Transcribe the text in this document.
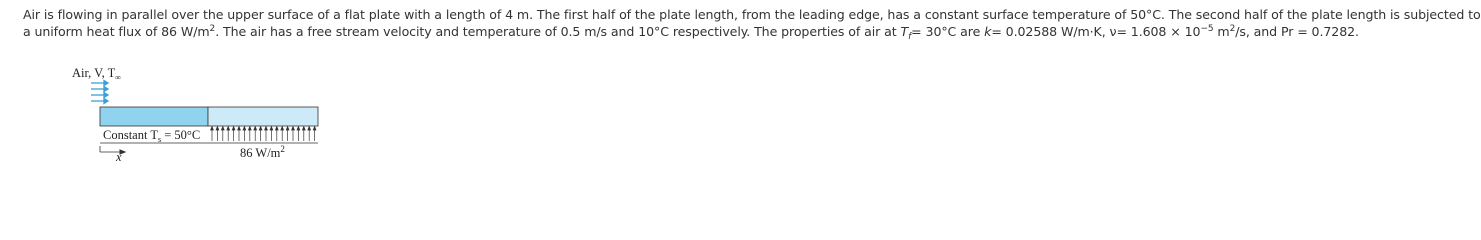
Air is flowing in parallel over the upper surface of a flat plate with a length of 4 m. The first half of the plate length, from the leading edge, has a constant surface temperature of 50°C. The second half of the plate length is subjected to
a uniform heat flux of 86 $W/m^2$. The air has a free stream velocity and temperature of 0.5 m/s and 10°C respectively. The properties of air at $T_f= 30^\circ C$ are k= 0.02588 W/m·K, $\nu= 1.608 \times 10^{-5}$ $m^2/s$, and Pr = 0.7282.
Air, V, $T_\infty$
Constant $T_s = 50^\circ C$
86 $W/m^2$
x
